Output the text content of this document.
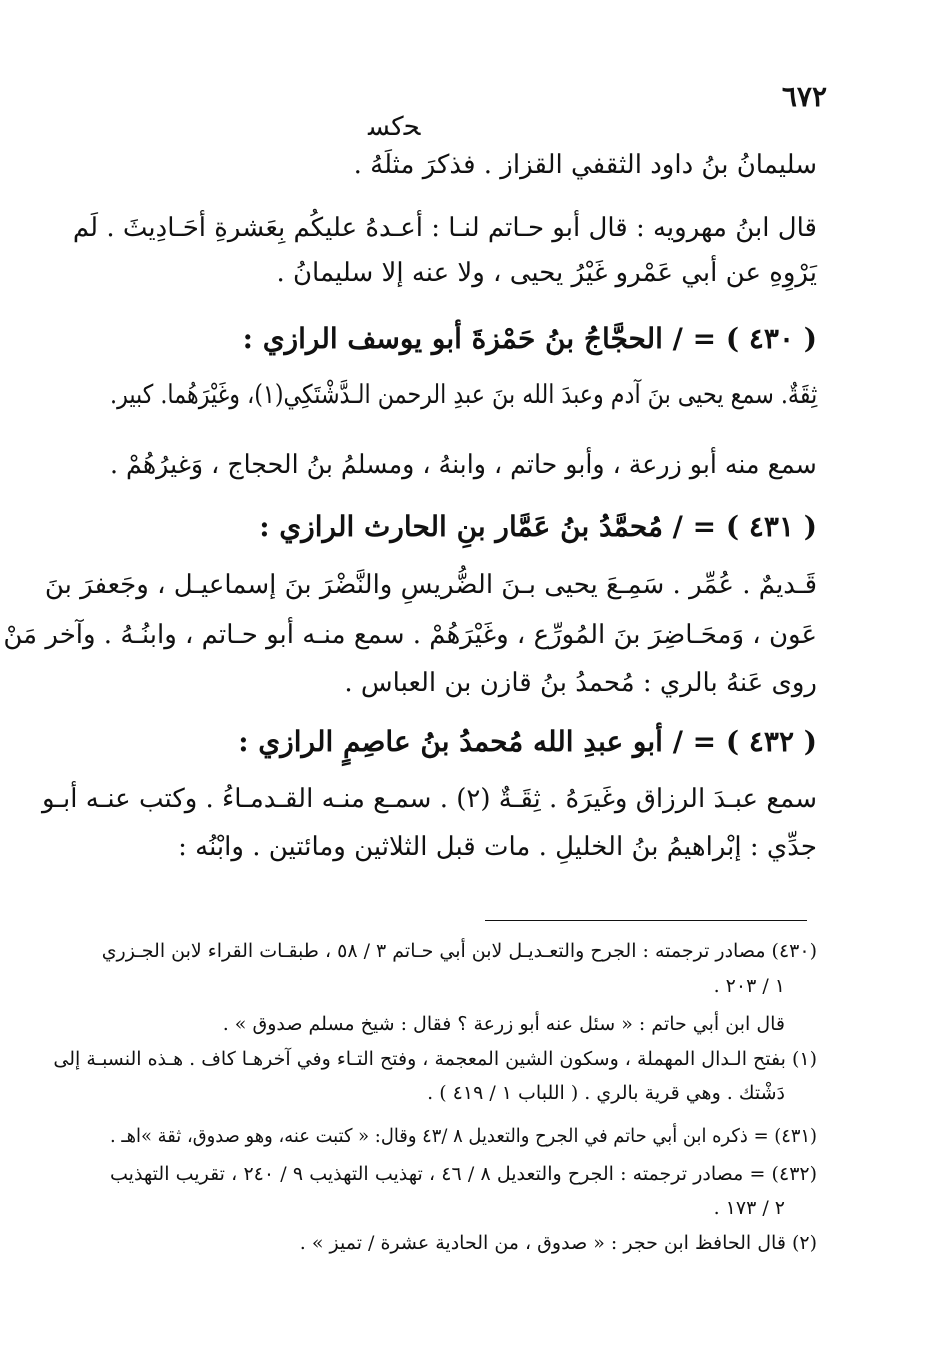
٦٧٢
ﺤﻛﺴ
سليمانُ بنُ داود الثقفي القزاز . فذكرَ مثلَهُ .
قال ابنُ مهرويه : قال أبو حـاتم لنـا : أعـدهُ عليكُم بِعَشرةِ أحَـادِيثَ . لَم
يَرْوِهِ عن أبي عَمْرو غَيْرُ يحيى ، ولا عنه إلا سليمانُ .
( ٤٣٠ ) = / الحجَّاجُ بنُ حَمْزةَ أبو يوسف الرازي :
ثِقَةٌ. سمع يحيى بنَ آدم وعبدَ الله بنَ عبدِ الرحمن الـدَّشْتَكِي(١)، وغَيْرَهُما. كبير.
سمع منه أبو زرعة ، وأبو حاتم ، وابنهُ ، ومسلمُ بنُ الحجاج ، وَغيرُهُمْ .
( ٤٣١ ) = / مُحمَّدُ بنُ عَمَّار بنِ الحارث الرازي :
قَـديمٌ . عُمِّر . سَمِـعَ يحيى بـنَ الضُّريسِ والنَّضْرَ بنَ إسماعيـل ، وجَعفرَ بنَ
عَون ، وَمحَـاضِرَ بنَ المُورِّع ، وغَيْرَهُمْ . سمع منـه أبو حـاتم ، وابنُـهُ . وآخر مَنْ
روى عَنهُ بالري : مُحمدُ بنُ قازن بن العباس .
( ٤٣٢ ) = / أبو عبدِ الله مُحمدُ بنُ عاصِمٍ الرازي :
سمع عبـدَ الرزاق وغَيرَهُ . ثِقَـةٌ (٢) . سمـع منـه القـدمـاءُ . وكتب عنـه أبـو
جدِّي : إبْراهيمُ بنُ الخليلِ . مات قبل الثلاثين ومائتين . وابْنُه :
(٤٣٠) مصادر ترجمته : الجرح والتعـديـل لابن أبي حـاتم ٣ / ٥٨ ، طبقـات القراء لابن الجـزري
١ / ٢٠٣ .
قال ابن أبي حاتم : « سئل عنه أبو زرعة ؟ فقال : شيخ مسلم صدوق » .
(١) بفتح الـدال المهملة ، وسكون الشين المعجمة ، وفتح التـاء وفي آخرهـا كاف . هـذه النسبـة إلى
دَشْتك . وهي قرية بالري . ( اللباب ١ / ٤١٩ ) .
(٤٣١) = ذكره ابن أبي حاتم في الجرح والتعديل ٨ /٤٣ وقال: « كتبت عنه، وهو صدوق، ثقة »اهـ .
(٤٣٢) = مصادر ترجمته : الجرح والتعديل ٨ / ٤٦ ، تهذيب التهذيب ٩ / ٢٤٠ ، تقريب التهذيب
٢ / ١٧٣ .
(٢) قال الحافظ ابن حجر : « صدوق ، من الحادية عشرة / تميز » .
